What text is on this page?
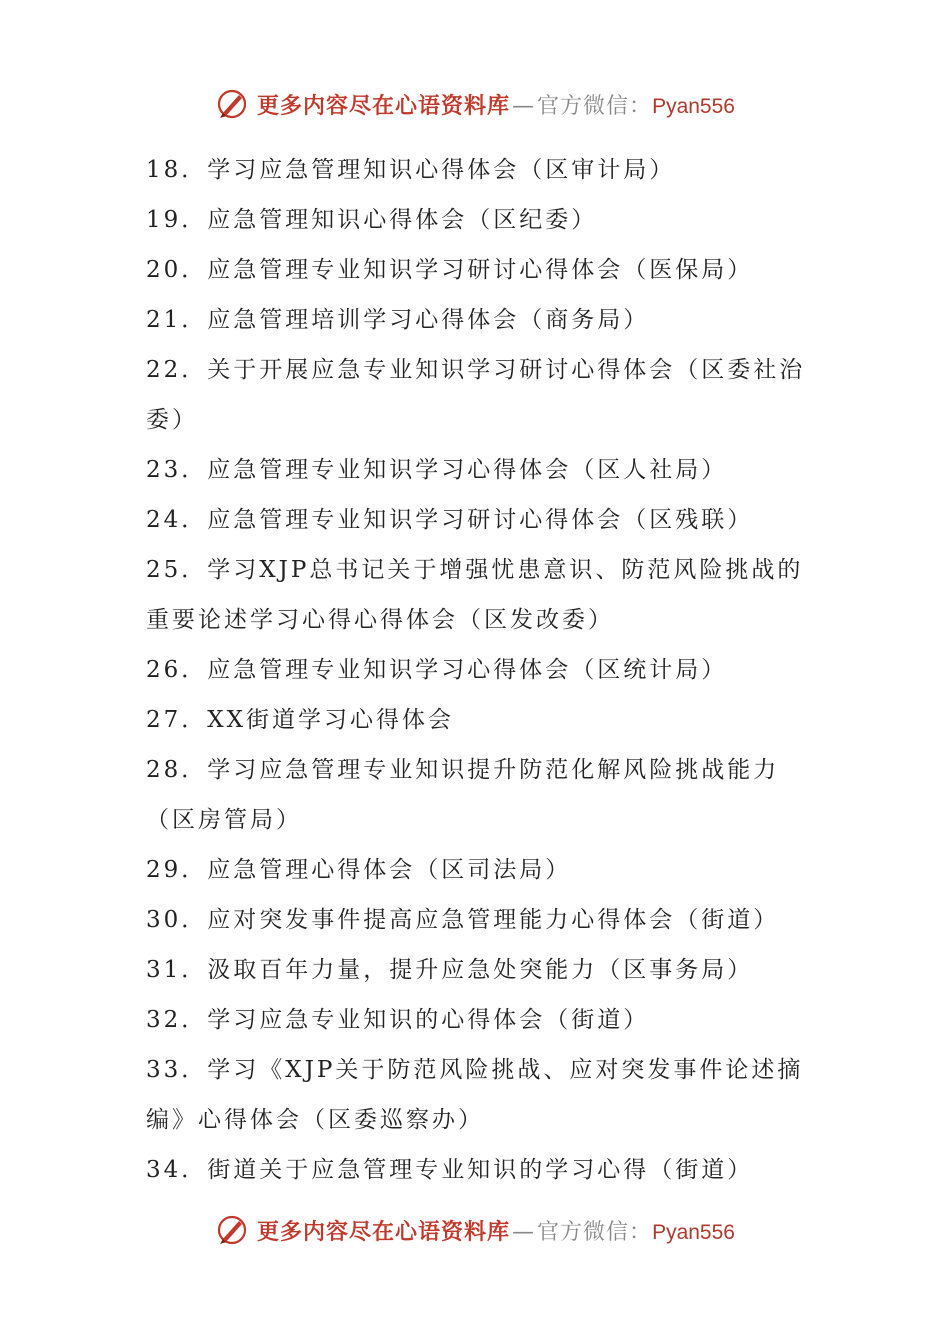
更多内容尽在心语资料库 — 官方微信： Pyan556
18．学习应急管理知识心得体会（区审计局）
19．应急管理知识心得体会（区纪委）
20．应急管理专业知识学习研讨心得体会（医保局）
21．应急管理培训学习心得体会（商务局）
22．关于开展应急专业知识学习研讨心得体会（区委社治委）
23．应急管理专业知识学习心得体会（区人社局）
24．应急管理专业知识学习研讨心得体会（区残联）
25．学习XJP总书记关于增强忧患意识、防范风险挑战的重要论述学习心得心得体会（区发改委）
26．应急管理专业知识学习心得体会（区统计局）
27．XX街道学习心得体会
28．学习应急管理专业知识提升防范化解风险挑战能力（区房管局）
29．应急管理心得体会（区司法局）
30．应对突发事件提高应急管理能力心得体会（街道）
31．汲取百年力量，提升应急处突能力（区事务局）
32．学习应急专业知识的心得体会（街道）
33．学习《XJP关于防范风险挑战、应对突发事件论述摘编》心得体会（区委巡察办）
34．街道关于应急管理专业知识的学习心得（街道）
更多内容尽在心语资料库 — 官方微信： Pyan556
